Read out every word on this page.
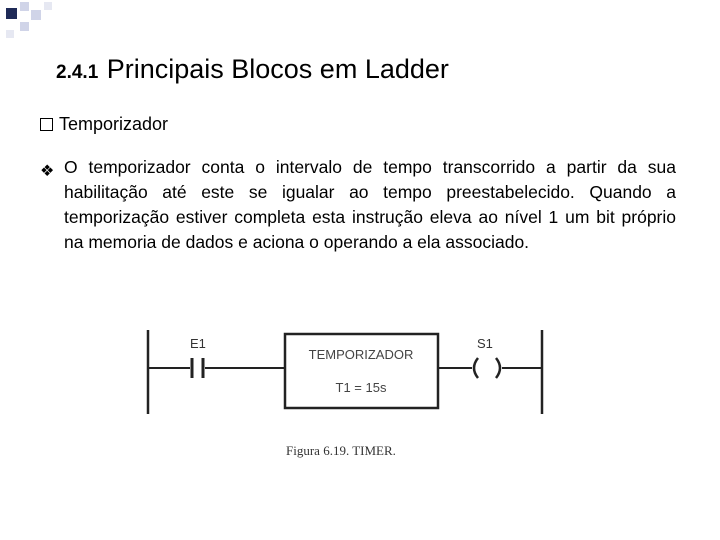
2.4.1 Principais Blocos em Ladder
Temporizador
❖ O temporizador conta o intervalo de tempo transcorrido a partir da sua habilitação até este se igualar ao tempo preestabelecido. Quando a temporização estiver completa esta instrução eleva ao nível 1 um bit próprio na memoria de dados e aciona o operando a ela associado.
E1
TEMPORIZADOR
T1 = 15s
S1
Figura 6.19. TIMER.
